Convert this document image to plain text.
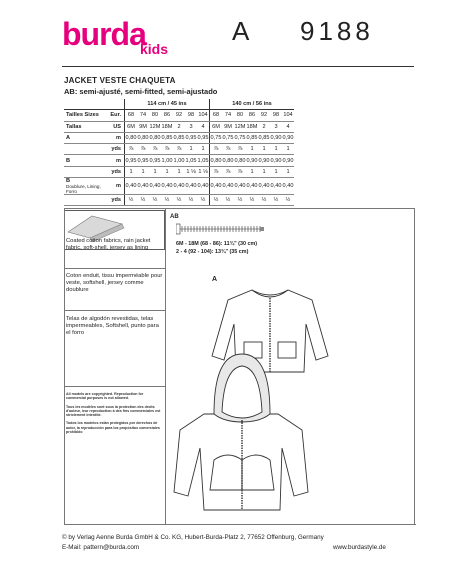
burda
kids
A 9188
JACKET VESTE CHAQUETA
AB: semi-ajusté, semi-fitted, semi-ajustado
		114 cm / 45 ins							140 cm / 56 ins						
Tailles Sizes	Eur.	68	74	80	86	92	98	104	68	74	80	86	92	98	104
Tallas	US	6M	9M	12M	18M	2	3	4	6M	9M	12M	18M	2	3	4
A	m	0,80	0,80	0,80	0,85	0,85	0,95	0,95	0,75	0,75	0,75	0,85	0,85	0,90	0,90
	yds	⅞	⅞	⅞	⅞	⅞	1	1	⅞	⅞	⅞	1	1	1	1
B	m	0,95	0,95	0,95	1,00	1,00	1,05	1,05	0,80	0,80	0,80	0,90	0,90	0,90	0,90
	yds	1	1	1	1	1	1 ⅛	1 ⅛	⅞	⅞	⅞	1	1	1	1
B
Doublure, Lining, Forro	m	0,40	0,40	0,40	0,40	0,40	0,40	0,40	0,40	0,40	0,40	0,40	0,40	0,40	0,40
	yds	½	½	½	½	½	½	½	½	½	½	½	½	½	½
Coated cotton fabrics, rain jacket fabric, soft-shell, jersey as lining
Coton enduit, tissu imperméable pour veste, softshell, jersey comme doublure
Telas de algodón revestidas, telas impermeables, Softshell, punto para el forro
All models are copyrighted. Reproduction for commercial purposes is not allowed.
Tous les modèles sont sous la protection des droits d'auteur, leur reproduction à des fins commerciales est strictement interdite.
Todos los modelos están protegidos por derechos de autor, la reproducción para los propósitos comerciales prohibido
AB
6M - 18M (68 - 86): 11¾" (30 cm)
2 - 4 (92 - 104): 13¾" (35 cm)
A
© by Verlag Aenne Burda GmbH & Co. KG, Hubert-Burda-Platz 2, 77652 Offenburg, Germany
E-Mail: pattern@burda.com	www.burdastyle.de
